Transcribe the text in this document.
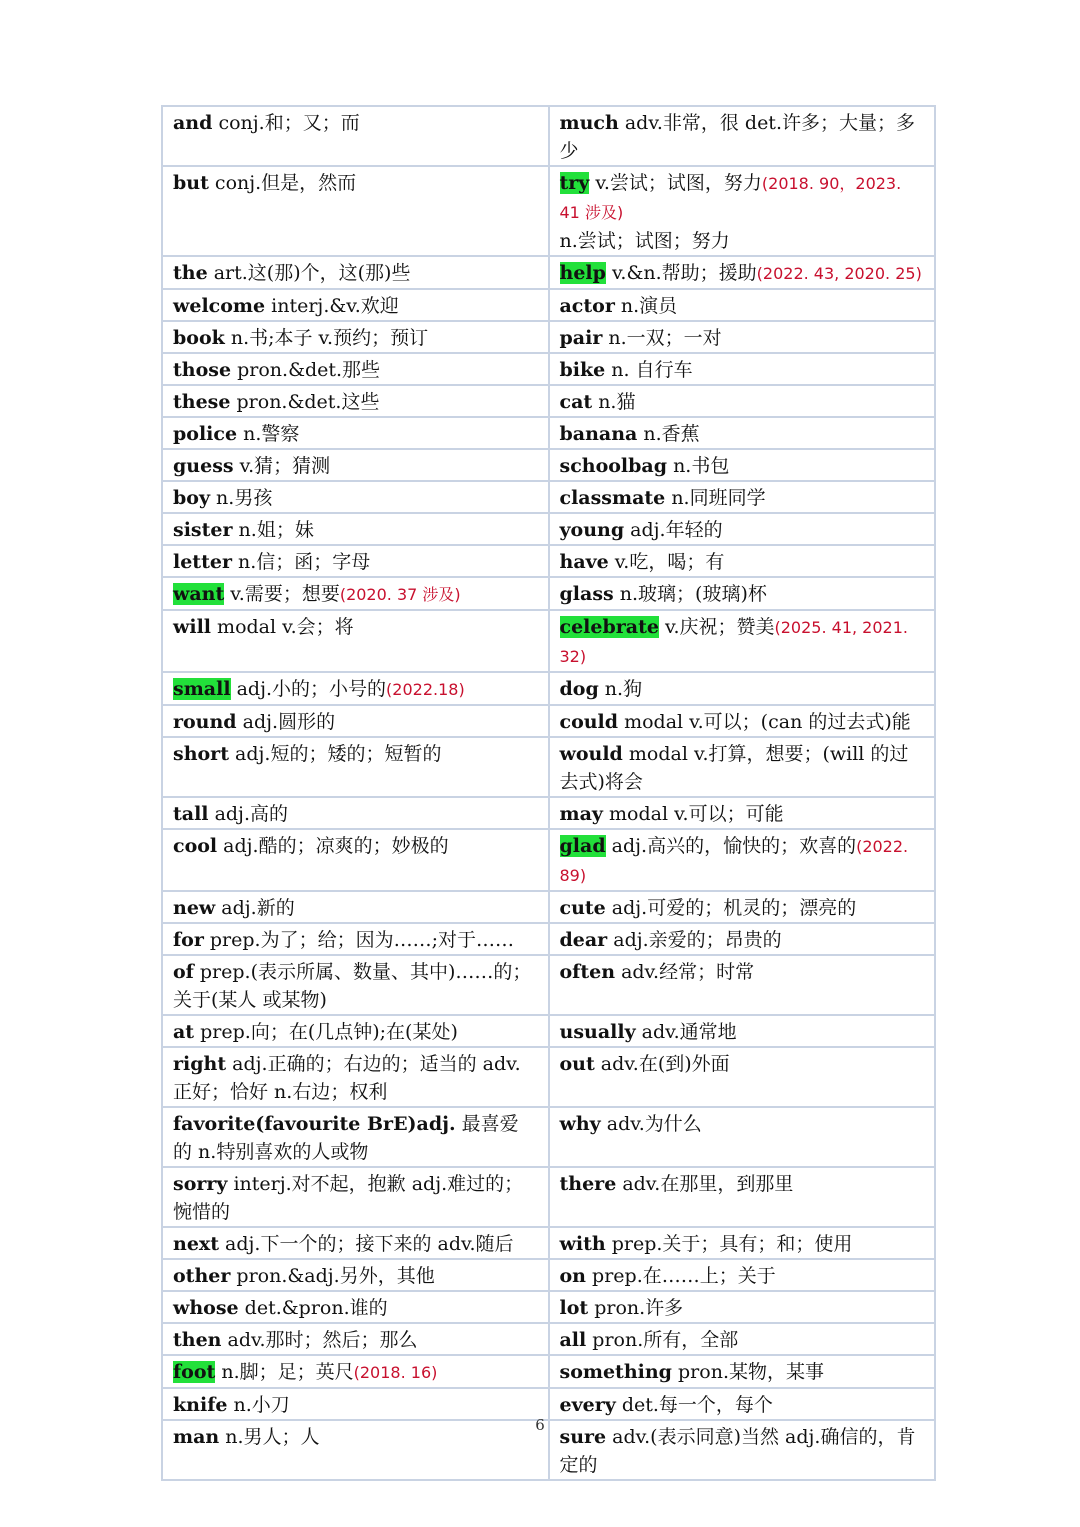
and conj.和；又；而	much adv.非常，很 det.许多；大量；多少
but conj.但是，然而	try v.尝试；试图，努力(2018. 90，2023. 41 涉及)
n.尝试；试图；努力
the art.这(那)个，这(那)些	help v.&n.帮助；援助(2022. 43, 2020. 25)
welcome interj.&v.欢迎	actor n.演员
book n.书;本子 v.预约；预订	pair n.一双；一对
those pron.&det.那些	bike n. 自行车
these pron.&det.这些	cat n.猫
police n.警察	banana n.香蕉
guess v.猜；猜测	schoolbag n.书包
boy n.男孩	classmate n.同班同学
sister n.姐；妹	young adj.年轻的
letter n.信；函；字母	have v.吃，喝；有
want v.需要；想要(2020. 37 涉及)	glass n.玻璃；(玻璃)杯
will modal v.会；将	celebrate v.庆祝；赞美(2025. 41, 2021. 32)
small adj.小的；小号的(2022.18)	dog n.狗
round adj.圆形的	could modal v.可以；(can 的过去式)能
short adj.短的；矮的；短暂的	would modal v.打算，想要；(will 的过去式)将会
tall adj.高的	may modal v.可以；可能
cool adj.酷的；凉爽的；妙极的	glad adj.高兴的，愉快的；欢喜的(2022. 89)
new adj.新的	cute adj.可爱的；机灵的；漂亮的
for prep.为了；给；因为……;对于……	dear adj.亲爱的；昂贵的
of prep.(表示所属、数量、其中)……的；关于(某人 或某物)	often adv.经常；时常
at prep.向；在(几点钟);在(某处)	usually adv.通常地
right adj.正确的；右边的；适当的 adv.正好；恰好 n.右边；权利	out adv.在(到)外面
favorite(favourite BrE)adj. 最喜爱的 n.特别喜欢的人或物	why adv.为什么
sorry interj.对不起，抱歉 adj.难过的；惋惜的	there adv.在那里，到那里
next adj.下一个的；接下来的 adv.随后	with prep.关于；具有；和；使用
other pron.&adj.另外，其他	on prep.在……上；关于
whose det.&pron.谁的	lot pron.许多
then adv.那时；然后；那么	all pron.所有，全部
foot n.脚；足；英尺(2018. 16)	something pron.某物，某事
knife n.小刀	every det.每一个，每个
man n.男人；人	sure adv.(表示同意)当然 adj.确信的，肯定的
6
